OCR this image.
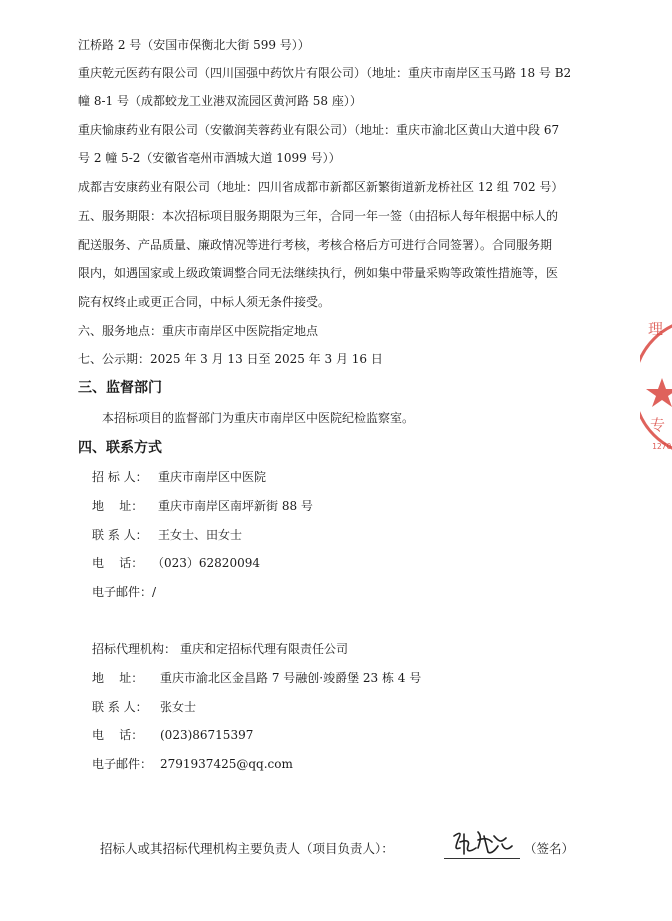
江桥路 2 号（安国市保衡北大街 599 号））
重庆乾元医药有限公司（四川国强中药饮片有限公司）（地址：重庆市南岸区玉马路 18 号 B2
幢 8-1 号（成都蛟龙工业港双流园区黄河路 58 座））
重庆愉康药业有限公司（安徽润芙蓉药业有限公司）（地址：重庆市渝北区黄山大道中段 67
号 2 幢 5-2（安徽省亳州市酒城大道 1099 号））
成都吉安康药业有限公司（地址：四川省成都市新都区新繁街道新龙桥社区 12 组 702 号）
五、服务期限：本次招标项目服务期限为三年，合同一年一签（由招标人每年根据中标人的
配送服务、产品质量、廉政情况等进行考核，考核合格后方可进行合同签署）。合同服务期
限内，如遇国家或上级政策调整合同无法继续执行，例如集中带量采购等政策性措施等，医
院有权终止或更正合同，中标人须无条件接受。
六、服务地点：重庆市南岸区中医院指定地点
七、公示期：2025 年 3 月 13 日至 2025 年 3 月 16 日
三、监督部门
本招标项目的监督部门为重庆市南岸区中医院纪检监察室。
四、联系方式
招 标 人： 重庆市南岸区中医院
地    址： 重庆市南岸区南坪新街 88 号
联 系 人： 王女士、田女士
电    话： （023）62820094
电子邮件： /
招标代理机构： 重庆和定招标代理有限责任公司
地    址： 重庆市渝北区金昌路 7 号融创·竣爵堡 23 栋 4 号
联 系 人： 张女士
电    话： (023)86715397
电子邮件： 2791937425@qq.com
招标人或其招标代理机构主要负责人（项目负责人）：	（签名）
理
专
1270
